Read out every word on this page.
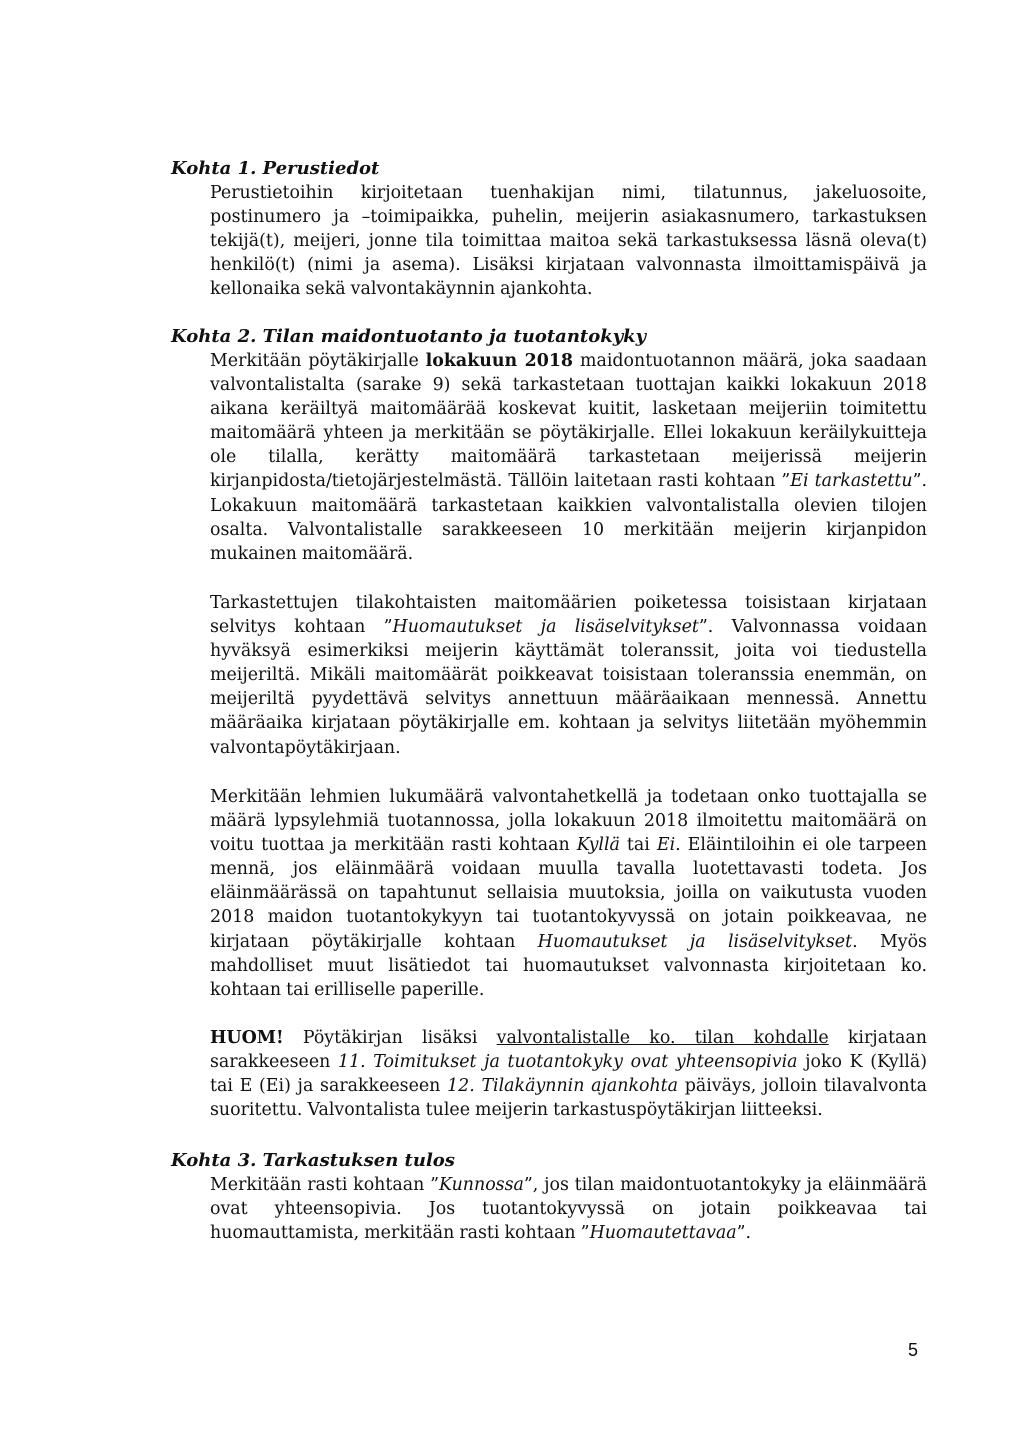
Kohta 1. Perustiedot

Perustietoihin kirjoitetaan tuenhakijan nimi, tilatunnus, jakeluosoite, postinumero ja –toimipaikka, puhelin, meijerin asiakasnumero, tarkastuksen tekijä(t), meijeri, jonne tila toimittaa maitoa sekä tarkastuksessa läsnä oleva(t) henkilö(t) (nimi ja asema). Lisäksi kirjataan valvonnasta ilmoittamispäivä ja kellonaika sekä valvontakäynnin ajankohta.

Kohta 2. Tilan maidontuotanto ja tuotantokyky

Merkitään pöytäkirjalle lokakuun 2018 maidontuotannon määrä, joka saadaan valvontalistalta (sarake 9) sekä tarkastetaan tuottajan kaikki lokakuun 2018 aikana keräiltyä maitomäärää koskevat kuitit, lasketaan meijeriin toimitettu maitomäärä yhteen ja merkitään se pöytäkirjalle. Ellei lokakuun keräilykuitteja ole tilalla, kerätty maitomäärä tarkastetaan meijerissä meijerin kirjanpidosta/tietojärjestelmästä. Tällöin laitetaan rasti kohtaan ”Ei tarkastettu”. Lokakuun maitomäärä tarkastetaan kaikkien valvontalistalla olevien tilojen osalta. Valvontalistalle sarakkeeseen 10 merkitään meijerin kirjanpidon mukainen maitomäärä.

Tarkastettujen tilakohtaisten maitomäärien poiketessa toisistaan kirjataan selvitys kohtaan ”Huomautukset ja lisäselvitykset”. Valvonnassa voidaan hyväksyä esimerkiksi meijerin käyttämät toleranssit, joita voi tiedustella meijeriltä. Mikäli maitomäärät poikkeavat toisistaan toleranssia enemmän, on meijeriltä pyydettävä selvitys annettuun määräaikaan mennessä. Annettu määräaika kirjataan pöytäkirjalle em. kohtaan ja selvitys liitetään myöhemmin valvontapöytäkirjaan.

Merkitään lehmien lukumäärä valvontahetkellä ja todetaan onko tuottajalla se määrä lypsylehmiä tuotannossa, jolla lokakuun 2018 ilmoitettu maitomäärä on voitu tuottaa ja merkitään rasti kohtaan Kyllä tai Ei. Eläintiloihin ei ole tarpeen mennä, jos eläinmäärä voidaan muulla tavalla luotettavasti todeta. Jos eläinmäärässä on tapahtunut sellaisia muutoksia, joilla on vaikutusta vuoden 2018 maidon tuotantokykyyn tai tuotantokyvyssä on jotain poikkeavaa, ne kirjataan pöytäkirjalle kohtaan Huomautukset ja lisäselvitykset. Myös mahdolliset muut lisätiedot tai huomautukset valvonnasta kirjoitetaan ko. kohtaan tai erilliselle paperille.

HUOM! Pöytäkirjan lisäksi valvontalistalle ko. tilan kohdalle kirjataan sarakkeeseen 11. Toimitukset ja tuotantokyky ovat yhteensopivia joko K (Kyllä) tai E (Ei) ja sarakkeeseen 12. Tilakäynnin ajankohta päiväys, jolloin tilavalvonta suoritettu. Valvontalista tulee meijerin tarkastuspöytäkirjan liitteeksi.

Kohta 3. Tarkastuksen tulos

Merkitään rasti kohtaan ”Kunnossa”, jos tilan maidontuotantokyky ja eläinmäärä ovat yhteensopivia. Jos tuotantokyvyssä on jotain poikkeavaa tai huomauttamista, merkitään rasti kohtaan ”Huomautettavaa”.

5
